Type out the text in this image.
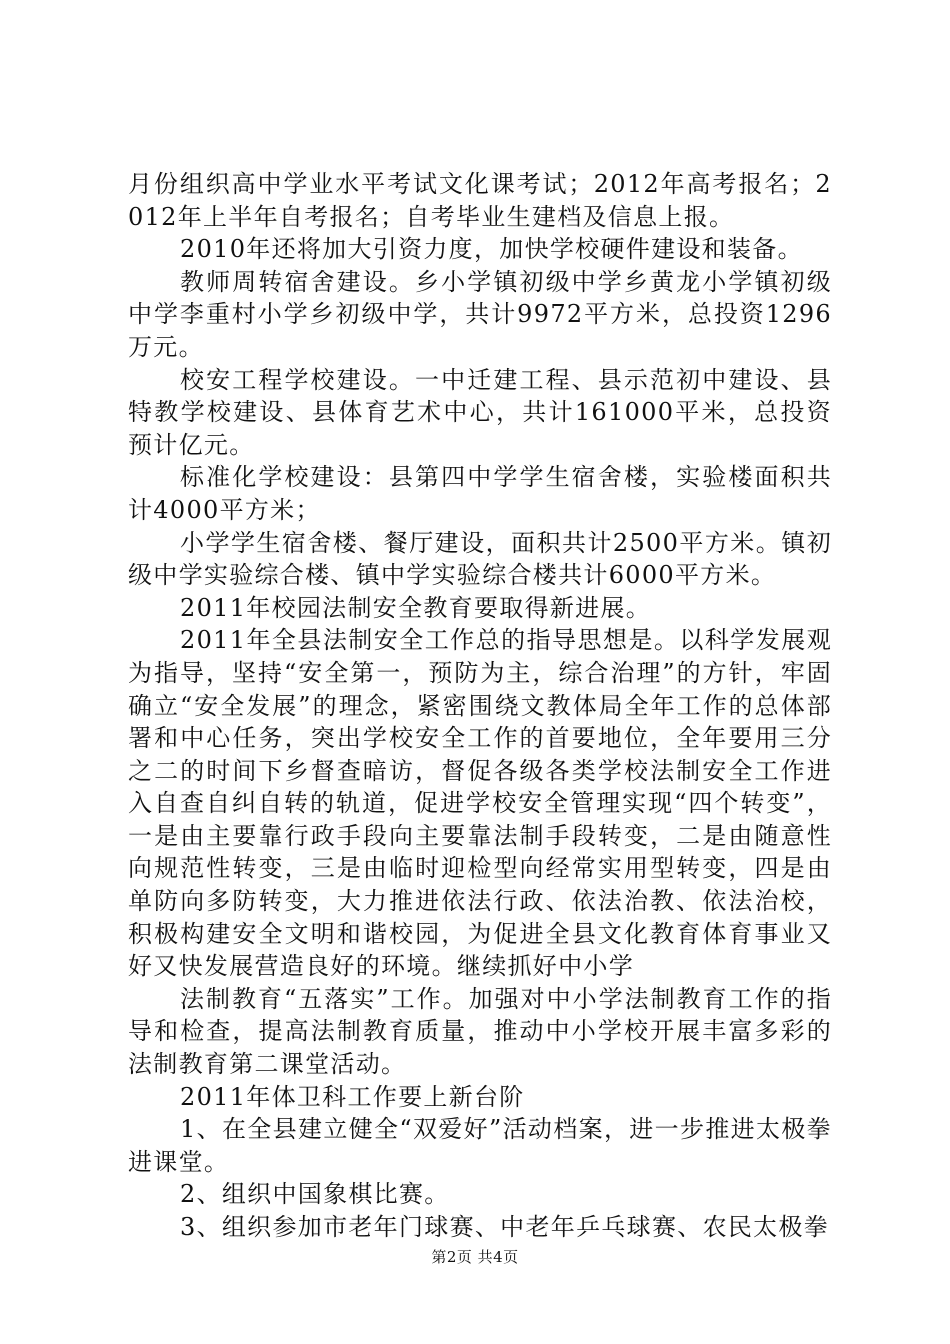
月份组织高中学业水平考试文化课考试；2012年高考报名；2012年上半年自考报名；自考毕业生建档及信息上报。

2010年还将加大引资力度，加快学校硬件建设和装备。

教师周转宿舍建设。乡小学镇初级中学乡黄龙小学镇初级中学李重村小学乡初级中学，共计9972平方米，总投资1296万元。

校安工程学校建设。一中迁建工程、县示范初中建设、县特教学校建设、县体育艺术中心，共计161000平米，总投资预计亿元。

标准化学校建设：县第四中学学生宿舍楼，实验楼面积共计4000平方米；

小学学生宿舍楼、餐厅建设，面积共计2500平方米。镇初级中学实验综合楼、镇中学实验综合楼共计6000平方米。

2011年校园法制安全教育要取得新进展。

2011年全县法制安全工作总的指导思想是。以科学发展观为指导，坚持“安全第一，预防为主，综合治理”的方针，牢固确立“安全发展”的理念，紧密围绕文教体局全年工作的总体部署和中心任务，突出学校安全工作的首要地位，全年要用三分之二的时间下乡督查暗访，督促各级各类学校法制安全工作进入自查自纠自转的轨道，促进学校安全管理实现“四个转变”，一是由主要靠行政手段向主要靠法制手段转变，二是由随意性向规范性转变，三是由临时迎检型向经常实用型转变，四是由单防向多防转变，大力推进依法行政、依法治教、依法治校，积极构建安全文明和谐校园，为促进全县文化教育体育事业又好又快发展营造良好的环境。继续抓好中小学

法制教育“五落实”工作。加强对中小学法制教育工作的指导和检查，提高法制教育质量，推动中小学校开展丰富多彩的法制教育第二课堂活动。

2011年体卫科工作要上新台阶

1、在全县建立健全“双爱好”活动档案，进一步推进太极拳进课堂。

2、组织中国象棋比赛。

3、组织参加市老年门球赛、中老年乒乓球赛、农民太极拳

第2页 共4页
